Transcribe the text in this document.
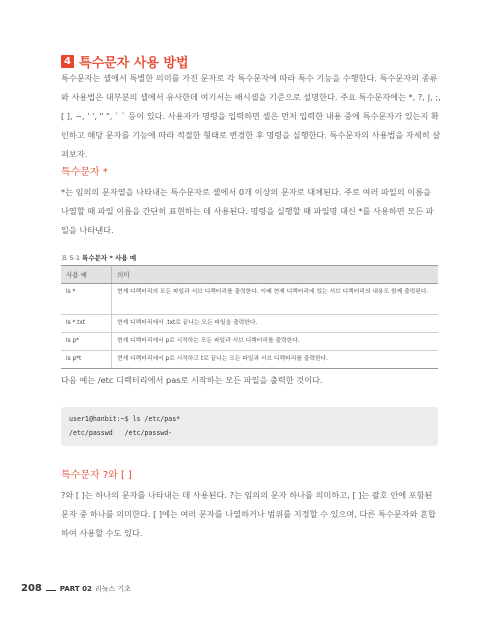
4 특수문자 사용 방법
특수문자는 셸에서 특별한 의미를 가진 문자로 각 특수문자에 따라 특수 기능을 수행한다. 특수문자의 종류와 사용법은 대부분의 셸에서 유사한데 여기서는 배시셸을 기준으로 설명한다. 주요 특수문자에는 *, ?, |, ;, [ ], ~, ' ', " ", ` ` 등이 있다. 사용자가 명령을 입력하면 셸은 먼저 입력한 내용 중에 특수문자가 있는지 확인하고 해당 문자를 기능에 따라 적절한 형태로 변경한 후 명령을 실행한다. 특수문자의 사용법을 자세히 살펴보자.
특수문자 *
*는 임의의 문자열을 나타내는 특수문자로 셸에서 0개 이상의 문자로 대체된다. 주로 여러 파일의 이름을 나열할 때 파일 이름을 간단히 표현하는 데 사용된다. 명령을 실행할 때 파일명 대신 *를 사용하면 모든 파일을 나타낸다.
표 5-1 특수문자 * 사용 예
사용 예	의미
ls *	현재 디렉터리의 모든 파일과 서브 디렉터리를 출력한다. 이때 현재 디렉터리에 있는 서브 디렉터리의 내용도 함께 출력된다.
ls *.txt	현재 디렉터리에서 .txt로 끝나는 모든 파일을 출력한다.
ls p*	현재 디렉터리에서 p로 시작하는 모든 파일과 서브 디렉터리를 출력한다.
ls p*t	현재 디렉터리에서 p로 시작하고 t로 끝나는 모든 파일과 서브 디렉터리를 출력한다.
다음 예는 /etc 디렉터리에서 pas로 시작하는 모든 파일을 출력한 것이다.
user1@hanbit:~$ ls /etc/pas*
/etc/passwd   /etc/passwd-
특수문자 ?와 [ ]
?와 [ ]는 하나의 문자를 나타내는 데 사용된다. ?는 임의의 문자 하나를 의미하고, [ ]는 괄호 안에 포함된 문자 중 하나를 의미한다. [ ]에는 여러 문자를 나열하거나 범위를 지정할 수 있으며, 다른 특수문자와 혼합하여 사용할 수도 있다.
208	PART 02 리눅스 기초
